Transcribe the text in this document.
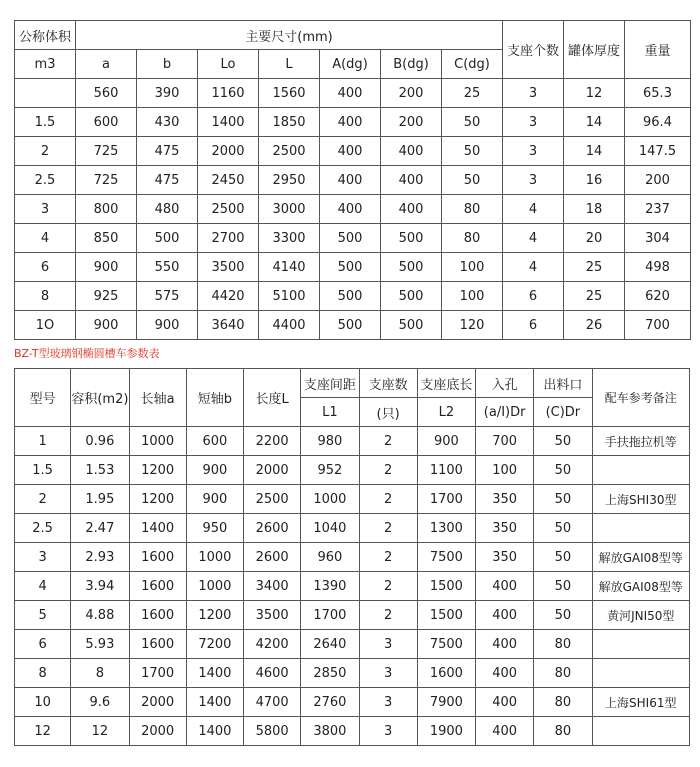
公称体积	主要尺寸(mm)							支座个数	罐体厚度	重量
m3	a	b	Lo	L	A(dg)	B(dg)	C(dg)			
	560	390	1160	1560	400	200	25	3	12	65.3
1.5	600	430	1400	1850	400	200	50	3	14	96.4
2	725	475	2000	2500	400	400	50	3	14	147.5
2.5	725	475	2450	2950	400	400	50	3	16	200
3	800	480	2500	3000	400	400	80	4	18	237
4	850	500	2700	3300	500	500	80	4	20	304
6	900	550	3500	4140	500	500	100	4	25	498
8	925	575	4420	5100	500	500	100	6	25	620
1O	900	900	3640	4400	500	500	120	6	26	700
BZ-T型玻璃钢椭圆槽车参数表
型号	容积(m2)	长轴a	短轴b	长度L	支座间距	支座数	支座底长	入孔	出料口	配车参考备注
					L1	(只)	L2	(a/I)Dr	(C)Dr	
1	0.96	1000	600	2200	980	2	900	700	50	手扶拖拉机等
1.5	1.53	1200	900	2000	952	2	1100	100	50	
2	1.95	1200	900	2500	1000	2	1700	350	50	上海SHI30型
2.5	2.47	1400	950	2600	1040	2	1300	350	50	
3	2.93	1600	1000	2600	960	2	7500	350	50	解放GAI08型等
4	3.94	1600	1000	3400	1390	2	1500	400	50	解放GAI08型等
5	4.88	1600	1200	3500	1700	2	1500	400	50	黄河JNI50型
6	5.93	1600	7200	4200	2640	3	7500	400	80	
8	8	1700	1400	4600	2850	3	1600	400	80	
10	9.6	2000	1400	4700	2760	3	7900	400	80	上海SHI61型
12	12	2000	1400	5800	3800	3	1900	400	80	
